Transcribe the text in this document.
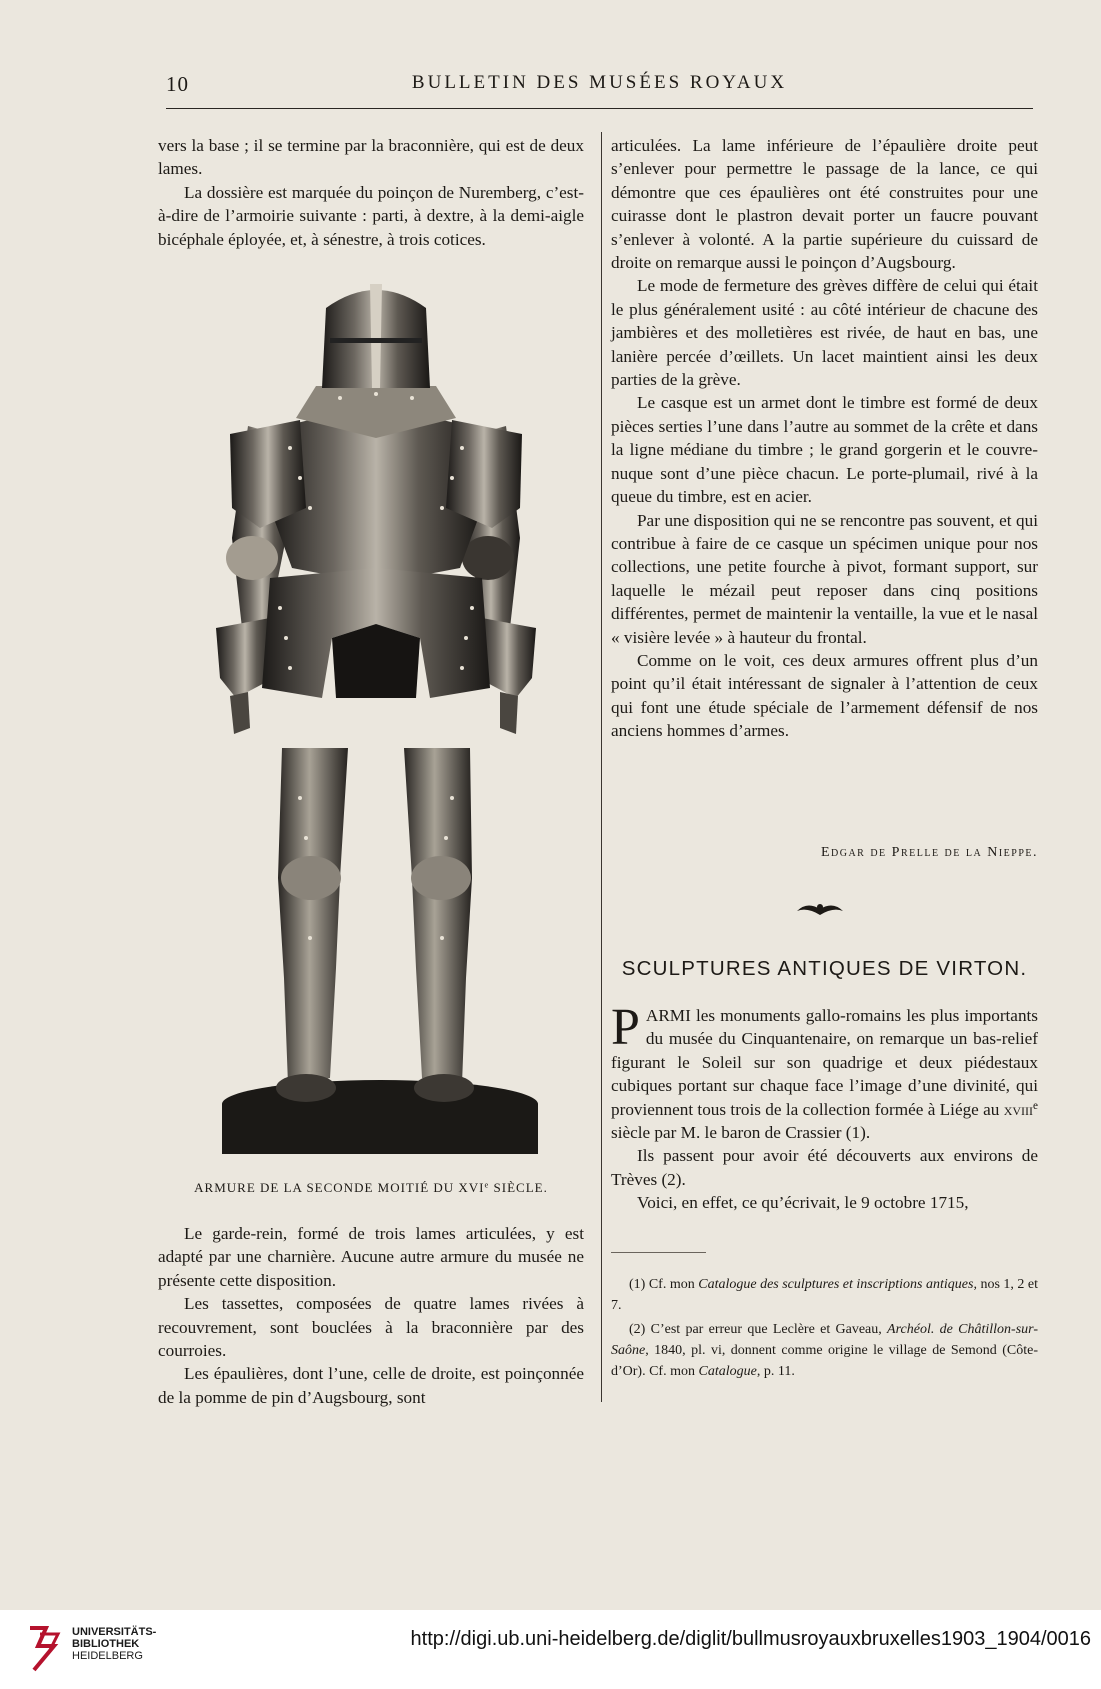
10	BULLETIN DES MUSÉES ROYAUX

vers la base ; il se termine par la braconnière, qui est de deux lames.

La dossière est marquée du poinçon de Nuremberg, c’est-à-dire de l’armoirie suivante : parti, à dextre, à la demi-aigle bicéphale éployée, et, à sénestre, à trois cotices.

ARMURE DE LA SECONDE MOITIÉ DU XVIe SIÈCLE.

Le garde-rein, formé de trois lames articulées, y est adapté par une charnière. Aucune autre armure du musée ne présente cette disposition.

Les tassettes, composées de quatre lames rivées à recouvrement, sont bouclées à la braconnière par des courroies.

Les épaulières, dont l’une, celle de droite, est poinçonnée de la pomme de pin d’Augsbourg, sont

articulées. La lame inférieure de l’épaulière droite peut s’enlever pour permettre le passage de la lance, ce qui démontre que ces épaulières ont été construites pour une cuirasse dont le plastron devait porter un faucre pouvant s’enlever à volonté. A la partie supérieure du cuissard de droite on remarque aussi le poinçon d’Augsbourg.

Le mode de fermeture des grèves diffère de celui qui était le plus généralement usité : au côté intérieur de chacune des jambières et des molletières est rivée, de haut en bas, une lanière percée d’œillets. Un lacet maintient ainsi les deux parties de la grève.

Le casque est un armet dont le timbre est formé de deux pièces serties l’une dans l’autre au sommet de la crête et dans la ligne médiane du timbre ; le grand gorgerin et le couvre-nuque sont d’une pièce chacun. Le porte-plumail, rivé à la queue du timbre, est en acier.

Par une disposition qui ne se rencontre pas souvent, et qui contribue à faire de ce casque un spécimen unique pour nos collections, une petite fourche à pivot, formant support, sur laquelle le mézail peut reposer dans cinq positions différentes, permet de maintenir la ventaille, la vue et le nasal « visière levée » à hauteur du frontal.

Comme on le voit, ces deux armures offrent plus d’un point qu’il était intéressant de signaler à l’attention de ceux qui font une étude spéciale de l’armement défensif de nos anciens hommes d’armes.

Edgar de Prelle de la Nieppe.
SCULPTURES ANTIQUES DE VIRTON.

PARMI les monuments gallo-romains les plus importants du musée du Cinquantenaire, on remarque un bas-relief figurant le Soleil sur son quadrige et deux piédestaux cubiques portant sur chaque face l’image d’une divinité, qui proviennent tous trois de la collection formée à Liége au xviii$^e$ siècle par M. le baron de Crassier (1).

Ils passent pour avoir été découverts aux environs de Trèves (2).

Voici, en effet, ce qu’écrivait, le 9 octobre 1715,

(1) Cf. mon Catalogue des sculptures et inscriptions antiques, nos 1, 2 et 7.

(2) C’est par erreur que Leclère et Gaveau, Archéol. de Châtillon-sur-Saône, 1840, pl. vi, donnent comme origine le village de Semond (Côte-d’Or). Cf. mon Catalogue, p. 11.

UNIVERSITÄTS-
BIBLIOTHEK
HEIDELBERG
http://digi.ub.uni-heidelberg.de/diglit/bullmusroyauxbruxelles1903_1904/0016
